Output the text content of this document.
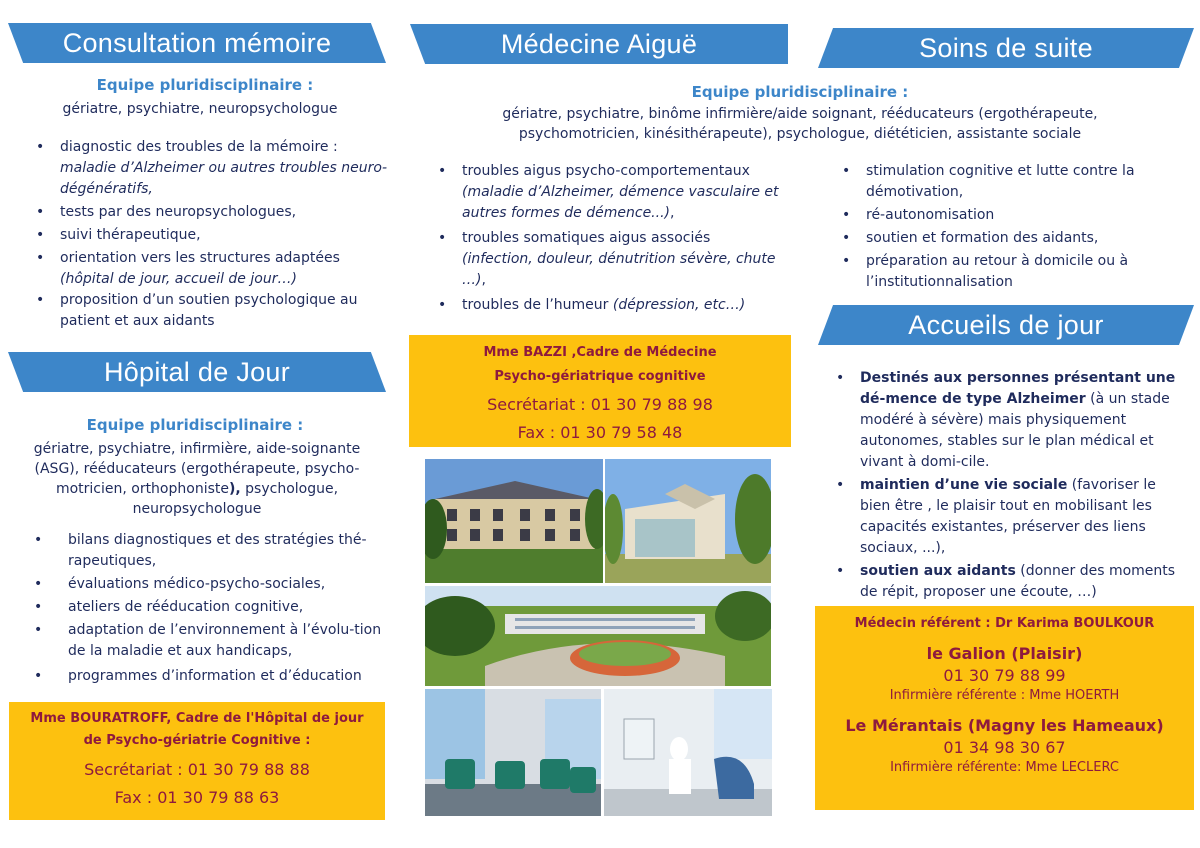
Consultation mémoire
Equipe pluridisciplinaire :
gériatre, psychiatre, neuropsychologue
• diagnostic des troubles de la mémoire :
maladie d’Alzheimer ou autres troubles neuro-dégénératifs,
• tests par des neuropsychologues,
• suivi thérapeutique,
• orientation vers les structures adaptées
(hôpital de jour, accueil de jour…)
• proposition d’un soutien psychologique au patient et aux aidants
Hôpital de Jour
Equipe pluridisciplinaire :
gériatre, psychiatre, infirmière, aide-soignante (ASG), rééducateurs (ergothérapeute, psycho-motricien, orthophoniste), psychologue, neuropsychologue
• bilans diagnostiques et des stratégies thé-rapeutiques,
• évaluations médico-psycho-sociales,
• ateliers de rééducation cognitive,
• adaptation de l’environnement à l’évolu-tion de la maladie et aux handicaps,
• programmes d’information et d’éducation
Mme BOURATROFF, Cadre de l'Hôpital de jour
de Psycho-gériatrie Cognitive :
Secrétariat : 01 30 79 88 88
Fax : 01 30 79 88 63
Médecine Aiguë
Equipe pluridisciplinaire :
gériatre, psychiatre, binôme infirmière/aide soignant, rééducateurs (ergothérapeute, psychomotricien, kinésithérapeute), psychologue, diététicien, assistante sociale
• troubles aigus psycho-comportementaux
(maladie d’Alzheimer, démence vasculaire et autres formes de démence...),
• troubles somatiques aigus associés
(infection, douleur, dénutrition sévère, chute …),
• troubles de l’humeur (dépression, etc…)
Mme BAZZI ,Cadre de Médecine
Psycho-gériatrique cognitive
Secrétariat : 01 30 79 88 98
Fax : 01 30 79 58 48
Soins de suite
• stimulation cognitive et lutte contre la démotivation,
• ré-autonomisation
• soutien et formation des aidants,
• préparation au retour à domicile ou à l’institutionnalisation
Accueils de jour
• Destinés aux personnes présentant une dé-mence de type Alzheimer (à un stade modéré à sévère) mais physiquement autonomes, stables sur le plan médical et vivant à domi-cile.
• maintien d’une vie sociale (favoriser le bien être , le plaisir tout en mobilisant les capacités existantes, préserver des liens sociaux, ...),
• soutien aux aidants (donner des moments de répit, proposer une écoute, …)
Médecin référent : Dr Karima BOULKOUR
le Galion (Plaisir)
01 30 79 88 99
Infirmière référente : Mme HOERTH
Le Mérantais (Magny les Hameaux)
01 34 98 30 67
Infirmière référente: Mme LECLERC
